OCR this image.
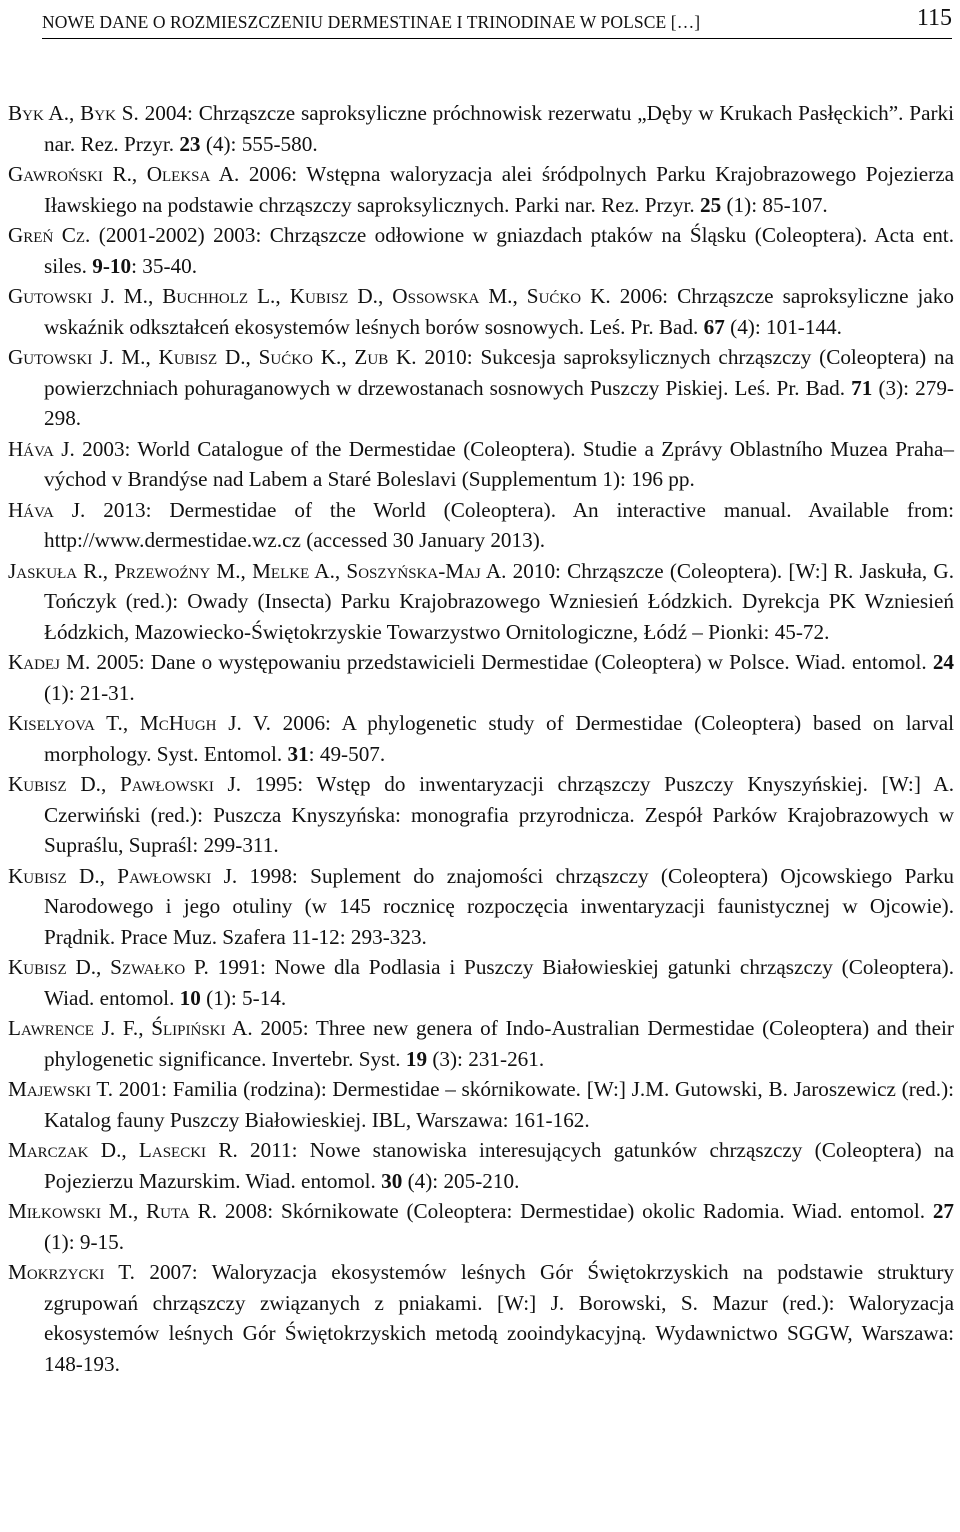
NOWE DANE O ROZMIESZCZENIU DERMESTINAE I TRINODINAE W POLSCE […]	115

Byk A., Byk S. 2004: Chrząszcze saproksyliczne próchnowisk rezerwatu „Dęby w Krukach Pasłęckich”. Parki nar. Rez. Przyr. 23 (4): 555-580.

Gawroński R., Oleksa A. 2006: Wstępna waloryzacja alei śródpolnych Parku Krajobrazowego Pojezierza Iławskiego na podstawie chrząszczy saproksylicznych. Parki nar. Rez. Przyr. 25 (1): 85-107.

Greń Cz. (2001-2002) 2003: Chrząszcze odłowione w gniazdach ptaków na Śląsku (Coleoptera). Acta ent. siles. 9-10: 35-40.

Gutowski J. M., Buchholz L., Kubisz D., Ossowska M., Sućko K. 2006: Chrząszcze saproksyliczne jako wskaźnik odkształceń ekosystemów leśnych borów sosnowych. Leś. Pr. Bad. 67 (4): 101-144.

Gutowski J. M., Kubisz D., Sućko K., Zub K. 2010: Sukcesja saproksylicznych chrząszczy (Coleoptera) na powierzchniach pohuraganowych w drzewostanach sosnowych Puszczy Piskiej. Leś. Pr. Bad. 71 (3): 279-298.

Háva J. 2003: World Catalogue of the Dermestidae (Coleoptera). Studie a Zprávy Oblastního Muzea Praha–východ v Brandýse nad Labem a Staré Boleslavi (Supplementum 1): 196 pp.

Háva J. 2013: Dermestidae of the World (Coleoptera). An interactive manual. Available from: http://www.dermestidae.wz.cz (accessed 30 January 2013).

Jaskuła R., Przewoźny M., Melke A., Soszyńska-Maj A. 2010: Chrząszcze (Coleoptera). [W:] R. Jaskuła, G. Tończyk (red.): Owady (Insecta) Parku Krajobrazowego Wzniesień Łódzkich. Dyrekcja PK Wzniesień Łódzkich, Mazowiecko-Świętokrzyskie Towarzystwo Ornitologiczne, Łódź – Pionki: 45-72.

Kadej M. 2005: Dane o występowaniu przedstawicieli Dermestidae (Coleoptera) w Polsce. Wiad. entomol. 24 (1): 21-31.

Kiselyova T., McHugh J. V. 2006: A phylogenetic study of Dermestidae (Coleoptera) based on larval morphology. Syst. Entomol. 31: 49-507.

Kubisz D., Pawłowski J. 1995: Wstęp do inwentaryzacji chrząszczy Puszczy Knyszyńskiej. [W:] A. Czerwiński (red.): Puszcza Knyszyńska: monografia przyrodnicza. Zespół Parków Krajobrazowych w Supraślu, Supraśl: 299-311.

Kubisz D., Pawłowski J. 1998: Suplement do znajomości chrząszczy (Coleoptera) Ojcowskiego Parku Narodowego i jego otuliny (w 145 rocznicę rozpoczęcia inwentaryzacji faunistycznej w Ojcowie). Prądnik. Prace Muz. Szafera 11-12: 293-323.

Kubisz D., Szwałko P. 1991: Nowe dla Podlasia i Puszczy Białowieskiej gatunki chrząszczy (Coleoptera). Wiad. entomol. 10 (1): 5-14.

Lawrence J. F., Ślipiński A. 2005: Three new genera of Indo-Australian Dermestidae (Coleoptera) and their phylogenetic significance. Invertebr. Syst. 19 (3): 231-261.

Majewski T. 2001: Familia (rodzina): Dermestidae – skórnikowate. [W:] J.M. Gutowski, B. Jaroszewicz (red.): Katalog fauny Puszczy Białowieskiej. IBL, Warszawa: 161-162.

Marczak D., Lasecki R. 2011: Nowe stanowiska interesujących gatunków chrząszczy (Coleoptera) na Pojezierzu Mazurskim. Wiad. entomol. 30 (4): 205-210.

Miłkowski M., Ruta R. 2008: Skórnikowate (Coleoptera: Dermestidae) okolic Radomia. Wiad. entomol. 27 (1): 9-15.

Mokrzycki T. 2007: Waloryzacja ekosystemów leśnych Gór Świętokrzyskich na podstawie struktury zgrupowań chrząszczy związanych z pniakami. [W:] J. Borowski, S. Mazur (red.): Waloryzacja ekosystemów leśnych Gór Świętokrzyskich metodą zooindykacyjną. Wydawnictwo SGGW, Warszawa: 148-193.
